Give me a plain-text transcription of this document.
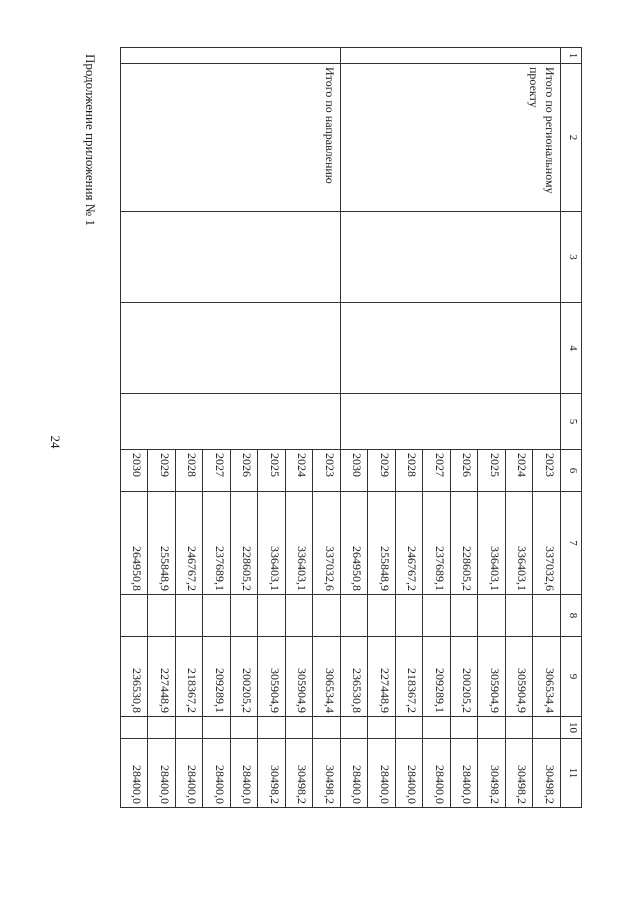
24
Продолжение приложения № 1	1	2	3	4	5	6	7	8	9	10	11
	Итого по региональному проекту				2023	337032,6		306534,4		30498,2
					2024	336403,1		305904,9		30498,2
					2025	336403,1		305904,9		30498,2
					2026	228605,2		200205,2		28400,0
					2027	237689,1		209289,1		28400,0
					2028	246767,2		218367,2		28400,0
					2029	255848,9		227448,9		28400,0
					2030	264950,8		236530,8		28400,0
	Итого по направлению				2023	337032,6		306534,4		30498,2
					2024	336403,1		305904,9		30498,2
					2025	336403,1		305904,9		30498,2
					2026	228605,2		200205,2		28400,0
					2027	237689,1		209289,1		28400,0
					2028	246767,2		218367,2		28400,0
					2029	255848,9		227448,9		28400,0
					2030	264950,8		236530,8		28400,0
